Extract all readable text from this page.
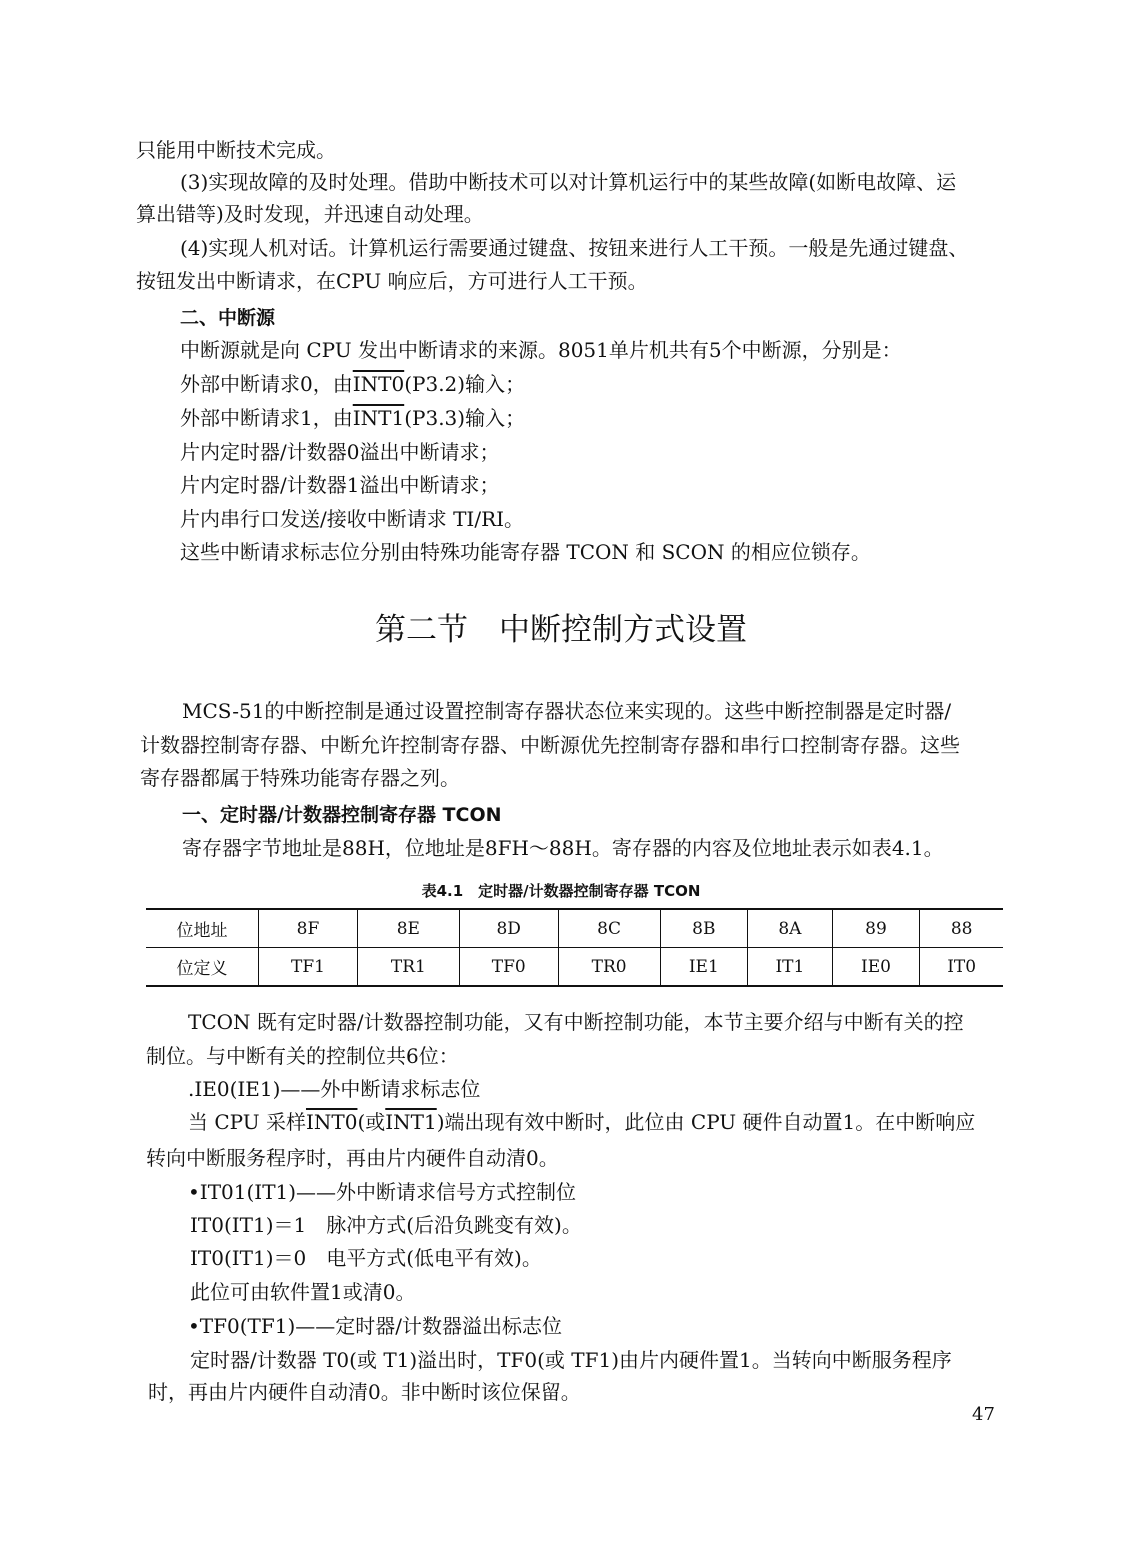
只能用中断技术完成。

(3)实现故障的及时处理。借助中断技术可以对计算机运行中的某些故障(如断电故障、运

算出错等)及时发现，并迅速自动处理。

(4)实现人机对话。计算机运行需要通过键盘、按钮来进行人工干预。一般是先通过键盘、

按钮发出中断请求，在CPU 响应后，方可进行人工干预。

二、中断源

中断源就是向 CPU 发出中断请求的来源。8051单片机共有5个中断源，分别是：

外部中断请求0，由INT0(P3.2)输入；

外部中断请求1，由INT1(P3.3)输入；

片内定时器/计数器0溢出中断请求；

片内定时器/计数器1溢出中断请求；

片内串行口发送/接收中断请求 TI/RI。

这些中断请求标志位分别由特殊功能寄存器 TCON 和 SCON 的相应位锁存。

第二节　 中断控制方式设置

MCS-51的中断控制是通过设置控制寄存器状态位来实现的。这些中断控制器是定时器/

计数器控制寄存器、中断允许控制寄存器、中断源优先控制寄存器和串行口控制寄存器。这些

寄存器都属于特殊功能寄存器之列。

一、定时器/计数器控制寄存器 TCON

寄存器字节地址是88H，位地址是8FH～88H。寄存器的内容及位地址表示如表4.1。

表4.1　定时器/计数器控制寄存器 TCON

位地址	8F	8E	8D	8C	8B	8A	89	88
位定义	TF1	TR1	TF0	TR0	IE1	IT1	IE0	IT0

TCON 既有定时器/计数器控制功能，又有中断控制功能，本节主要介绍与中断有关的控

制位。与中断有关的控制位共6位：

.IE0(IE1)——外中断请求标志位

当 CPU 采样INT0(或INT1)端出现有效中断时，此位由 CPU 硬件自动置1。在中断响应

转向中断服务程序时，再由片内硬件自动清0。

•IT01(IT1)——外中断请求信号方式控制位

IT0(IT1)＝1　脉冲方式(后沿负跳变有效)。

IT0(IT1)＝0　电平方式(低电平有效)。

此位可由软件置1或清0。

•TF0(TF1)——定时器/计数器溢出标志位

定时器/计数器 T0(或 T1)溢出时，TF0(或 TF1)由片内硬件置1。当转向中断服务程序

时，再由片内硬件自动清0。非中断时该位保留。

47
